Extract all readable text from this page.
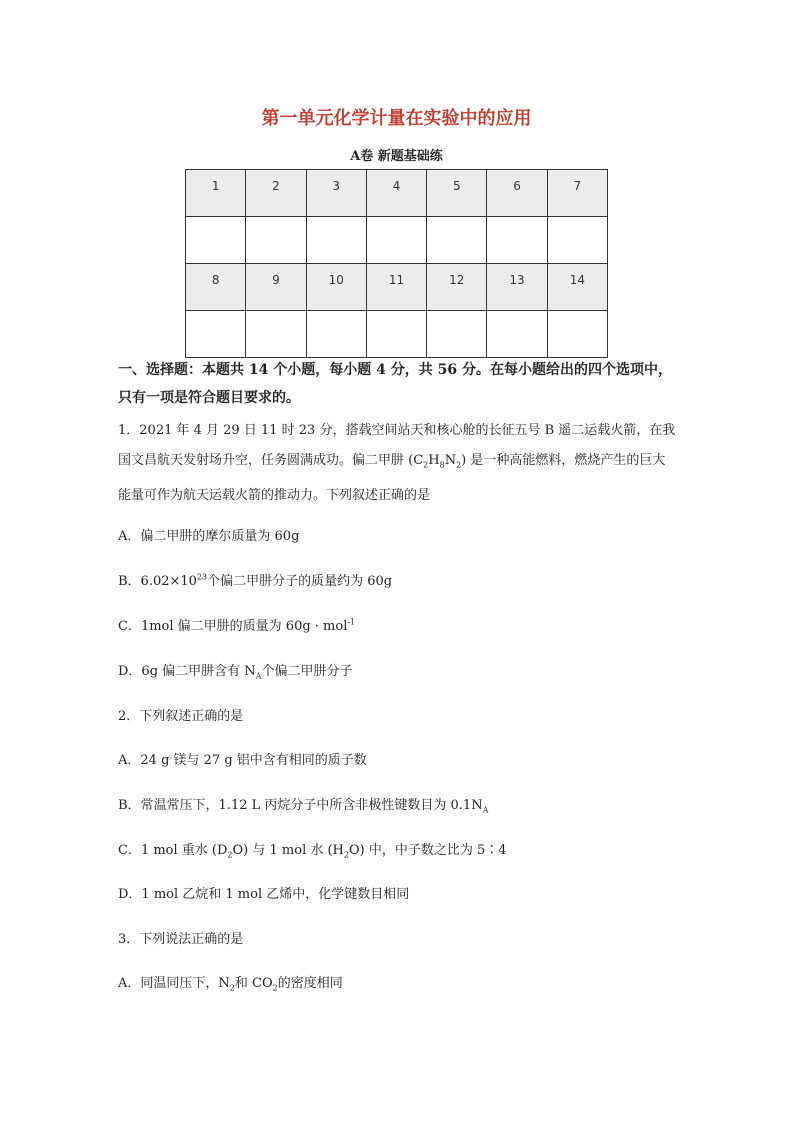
第一单元化学计量在实验中的应用
A卷 新题基础练
1	2	3	4	5	6	7

8	9	10	11	12	13	14

一、选择题：本题共 14 个小题，每小题 4 分，共 56 分。在每小题给出的四个选项中，只有一项是符合题目要求的。
1．2021 年 4 月 29 日 11 时 23 分，搭载空间站天和核心舱的长征五号 B 遥二运载火箭，在我国文昌航天发射场升空，任务圆满成功。偏二甲肼 $(C_2H_8N_2)$ 是一种高能燃料，燃烧产生的巨大能量可作为航天运载火箭的推动力。下列叙述正确的是
A．偏二甲肼的摩尔质量为 60g
B．$6.02\times 10^{23}$个偏二甲肼分子的质量约为 60g
C．1mol 偏二甲肼的质量为 60g · mol$^{-1}$
D．6g 偏二甲肼含有 $N_A$个偏二甲肼分子
2．下列叙述正确的是
A．24 g 镁与 27 g 铝中含有相同的质子数
B．常温常压下，1.12 L 丙烷分子中所含非极性键数目为 $0.1N_A$
C．1 mol 重水 $(D_2O)$ 与 1 mol 水 $(H_2O)$ 中，中子数之比为 5∶4
D．1 mol 乙烷和 1 mol 乙烯中，化学键数目相同
3．下列说法正确的是
A．同温同压下，$N_2$和 $CO_2$的密度相同
